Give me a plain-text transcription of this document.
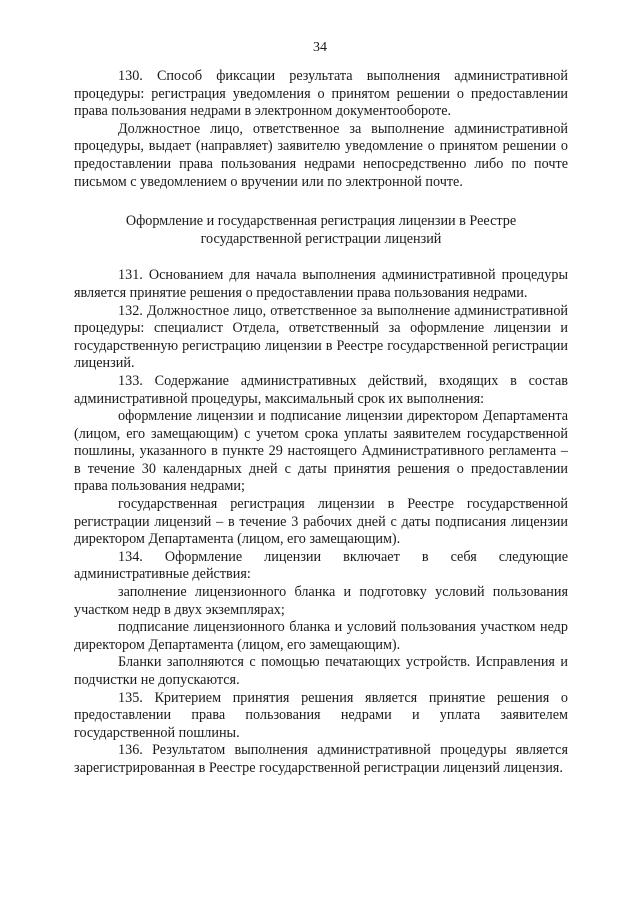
34

130. Способ фиксации результата выполнения административной процедуры: регистрация уведомления о принятом решении о предоставлении права пользования недрами в электронном документообороте.

Должностное лицо, ответственное за выполнение административной процедуры, выдает (направляет) заявителю уведомление о принятом решении о предоставлении права пользования недрами непосредственно либо по почте письмом с уведомлением о вручении или по электронной почте.

Оформление и государственная регистрация лицензии в Реестре государственной регистрации лицензий

131. Основанием для начала выполнения административной процедуры является принятие решения о предоставлении права пользования недрами.

132. Должностное лицо, ответственное за выполнение административной процедуры: специалист Отдела, ответственный за оформление лицензии и государственную регистрацию лицензии в Реестре государственной регистрации лицензий.

133. Содержание административных действий, входящих в состав административной процедуры, максимальный срок их выполнения:

оформление лицензии и подписание лицензии директором Департамента (лицом, его замещающим) с учетом срока уплаты заявителем государственной пошлины, указанного в пункте 29 настоящего Административного регламента – в течение 30 календарных дней с даты принятия решения о предоставлении права пользования недрами;

государственная регистрация лицензии в Реестре государственной регистрации лицензий – в течение 3 рабочих дней с даты подписания лицензии директором Департамента (лицом, его замещающим).

134. Оформление лицензии включает в себя следующие административные действия:

заполнение лицензионного бланка и подготовку условий пользования участком недр в двух экземплярах;

подписание лицензионного бланка и условий пользования участком недр директором Департамента (лицом, его замещающим).

Бланки заполняются с помощью печатающих устройств. Исправления и подчистки не допускаются.

135. Критерием принятия решения является принятие решения о предоставлении права пользования недрами и уплата заявителем государственной пошлины.

136. Результатом выполнения административной процедуры является зарегистрированная в Реестре государственной регистрации лицензий лицензия.
